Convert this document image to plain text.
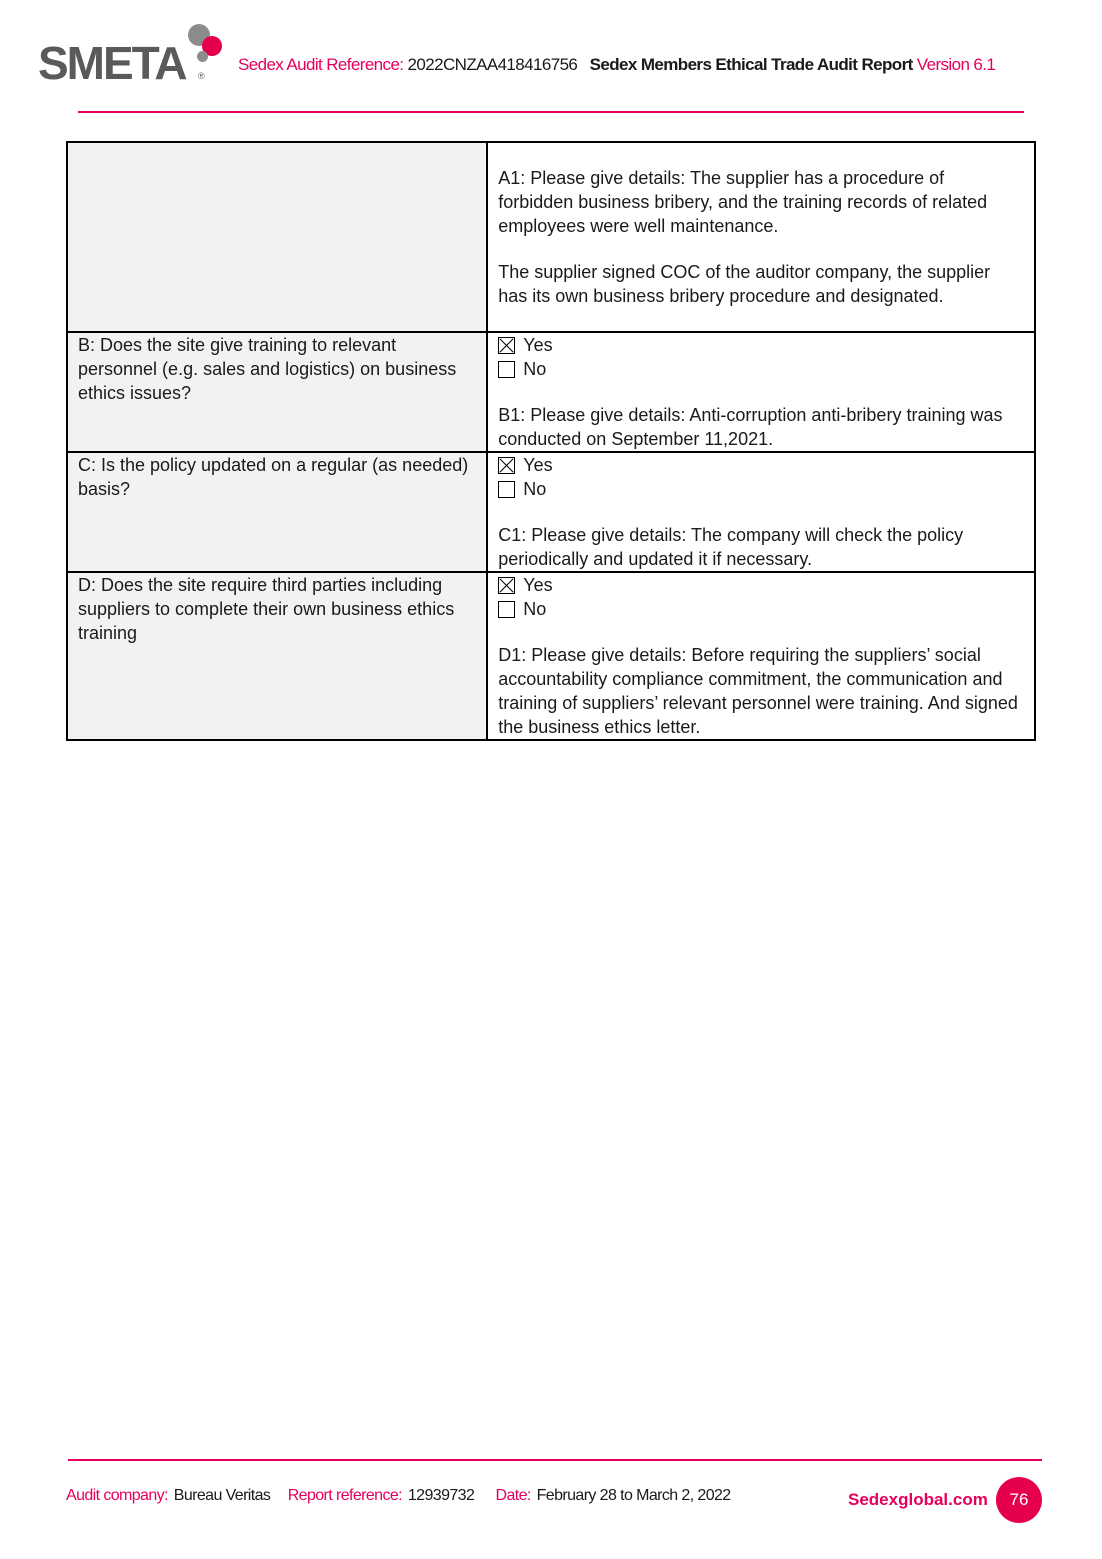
SMETA ®
Sedex Audit Reference: 2022CNZAA418416756 Sedex Members Ethical Trade Audit Report Version 6.1

	A1: Please give details: The supplier has a procedure of forbidden business bribery, and the training records of related employees were well maintenance.

The supplier signed COC of the auditor company, the supplier has its own business bribery procedure and designated.

B: Does the site give training to relevant personnel (e.g. sales and logistics) on business ethics issues?	Yes
No

B1: Please give details: Anti-corruption anti-bribery training was conducted on September 11,2021.

C: Is the policy updated on a regular (as needed) basis?	Yes
No

C1: Please give details: The company will check the policy periodically and updated it if necessary.

D: Does the site require third parties including suppliers to complete their own business ethics training	Yes
No

D1: Please give details: Before requiring the suppliers’ social accountability compliance commitment, the communication and training of suppliers’ relevant personnel were training. And signed the business ethics letter.

Audit company: Bureau Veritas Report reference: 12939732 Date: February 28 to March 2, 2022	Sedexglobal.com 76
